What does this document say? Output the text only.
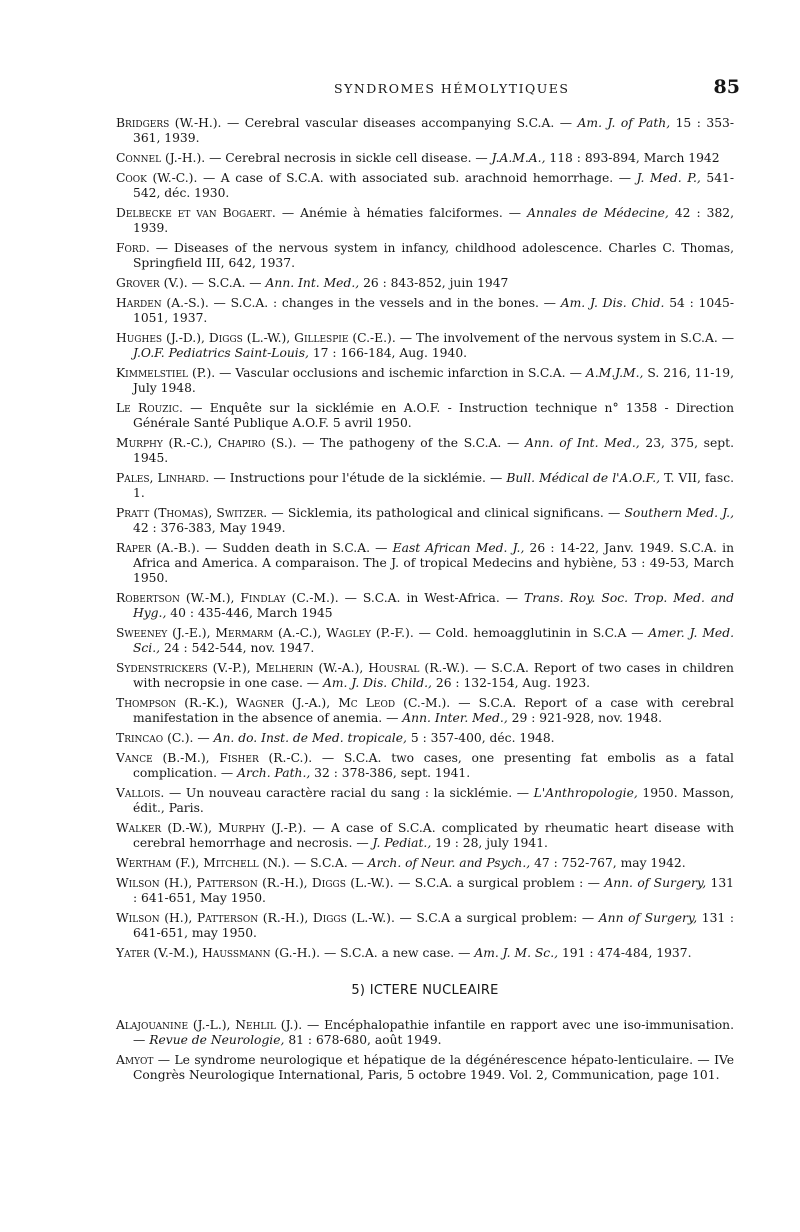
SYNDROMES HÉMOLYTIQUES	85

Bridgers (W.-H.). — Cerebral vascular diseases accompanying S.C.A. — Am. J. of Path, 15 : 353-361, 1939.

Connel (J.-H.). — Cerebral necrosis in sickle cell disease. — J.A.M.A., 118 : 893-894, March 1942

Cook (W.-C.). — A case of S.C.A. with associated sub. arachnoid hemorrhage. — J. Med. P., 541-542, déc. 1930.

Delbecke et van Bogaert. — Anémie à hématies falciformes. — Annales de Médecine, 42 : 382, 1939.

Ford. — Diseases of the nervous system in infancy, childhood adolescence. Charles C. Thomas, Springfield III, 642, 1937.

Grover (V.). — S.C.A. — Ann. Int. Med., 26 : 843-852, juin 1947

Harden (A.-S.). — S.C.A. : changes in the vessels and in the bones. — Am. J. Dis. Chid. 54 : 1045-1051, 1937.

Hughes (J.-D.), Diggs (L.-W.), Gillespie (C.-E.). — The involvement of the nervous system in S.C.A. — J.O.F. Pediatrics Saint-Louis, 17 : 166-184, Aug. 1940.

Kimmelstiel (P.). — Vascular occlusions and ischemic infarction in S.C.A. — A.M.J.M., S. 216, 11-19, July 1948.

Le Rouzic. — Enquête sur la sicklémie en A.O.F. - Instruction technique n° 1358 - Direction Générale Santé Publique A.O.F. 5 avril 1950.

Murphy (R.-C.), Chapiro (S.). — The pathogeny of the S.C.A. — Ann. of Int. Med., 23, 375, sept. 1945.

Pales, Linhard. — Instructions pour l'étude de la sicklémie. — Bull. Médical de l'A.O.F., T. VII, fasc. 1.

Pratt (Thomas), Switzer. — Sicklemia, its pathological and clinical significans. — Southern Med. J., 42 : 376-383, May 1949.

Raper (A.-B.). — Sudden death in S.C.A. — East African Med. J., 26 : 14-22, Janv. 1949. S.C.A. in Africa and America. A comparaison. The J. of tropical Medecins and hybiène, 53 : 49-53, March 1950.

Robertson (W.-M.), Findlay (C.-M.). — S.C.A. in West-Africa. — Trans. Roy. Soc. Trop. Med. and Hyg., 40 : 435-446, March 1945

Sweeney (J.-E.), Mermarm (A.-C.), Wagley (P.-F.). — Cold. hemoagglutinin in S.C.A — Amer. J. Med. Sci., 24 : 542-544, nov. 1947.

Sydenstrickers (V.-P.), Melherin (W.-A.), Housral (R.-W.). — S.C.A. Report of two cases in children with necropsie in one case. — Am. J. Dis. Child., 26 : 132-154, Aug. 1923.

Thompson (R.-K.), Wagner (J.-A.), Mc Leod (C.-M.). — S.C.A. Report of a case with cerebral manifestation in the absence of anemia. — Ann. Inter. Med., 29 : 921-928, nov. 1948.

Trincao (C.). — An. do. Inst. de Med. tropicale, 5 : 357-400, déc. 1948.

Vance (B.-M.), Fisher (R.-C.). — S.C.A. two cases, one presenting fat embolis as a fatal complication. — Arch. Path., 32 : 378-386, sept. 1941.

Vallois. — Un nouveau caractère racial du sang : la sicklémie. — L'Anthropologie, 1950. Masson, édit., Paris.

Walker (D.-W.), Murphy (J.-P.). — A case of S.C.A. complicated by rheumatic heart disease with cerebral hemorrhage and necrosis. — J. Pediat., 19 : 28, july 1941.

Wertham (F.), Mitchell (N.). — S.C.A. — Arch. of Neur. and Psych., 47 : 752-767, may 1942.

Wilson (H.), Patterson (R.-H.), Diggs (L.-W.). — S.C.A. a surgical problem : — Ann. of Surgery, 131 : 641-651, May 1950.

Wilson (H.), Patterson (R.-H.), Diggs (L.-W.). — S.C.A a surgical problem: — Ann of Surgery, 131 : 641-651, may 1950.

Yater (V.-M.), Haussmann (G.-H.). — S.C.A. a new case. — Am. J. M. Sc., 191 : 474-484, 1937.

5) ICTERE NUCLEAIRE

Alajouanine (J.-L.), Nehlil (J.). — Encéphalopathie infantile en rapport avec une iso-immunisation. — Revue de Neurologie, 81 : 678-680, août 1949.

Amyot — Le syndrome neurologique et hépatique de la dégénérescence hépato-lenticulaire. — IVe Congrès Neurologique International, Paris, 5 octobre 1949. Vol. 2, Communication, page 101.
